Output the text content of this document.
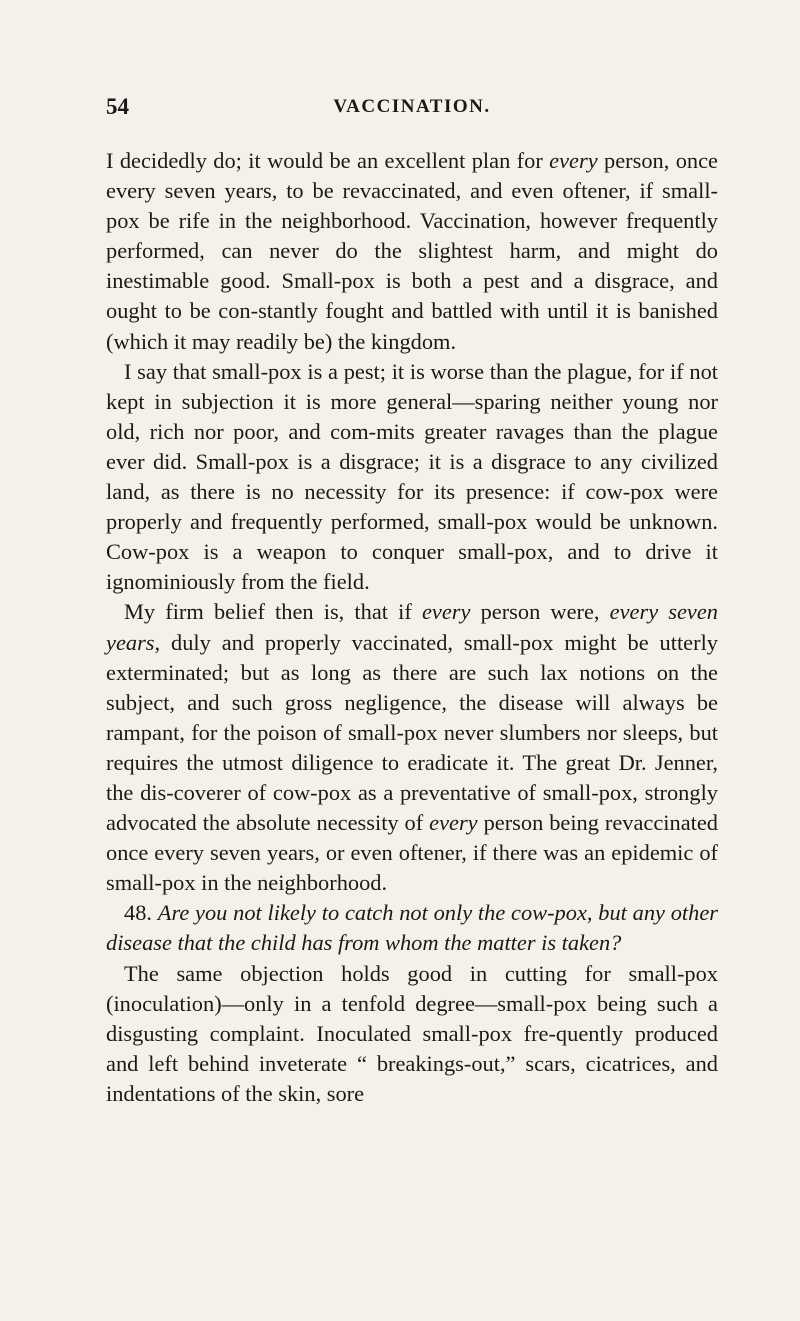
54	VACCINATION.

I decidedly do; it would be an excellent plan for every person, once every seven years, to be revaccinated, and even oftener, if small-pox be rife in the neighborhood. Vaccination, however frequently performed, can never do the slightest harm, and might do inestimable good. Small-pox is both a pest and a disgrace, and ought to be con-stantly fought and battled with until it is banished (which it may readily be) the kingdom.

I say that small-pox is a pest; it is worse than the plague, for if not kept in subjection it is more general—sparing neither young nor old, rich nor poor, and com-mits greater ravages than the plague ever did. Small-pox is a disgrace; it is a disgrace to any civilized land, as there is no necessity for its presence: if cow-pox were properly and frequently performed, small-pox would be unknown. Cow-pox is a weapon to conquer small-pox, and to drive it ignominiously from the field.

My firm belief then is, that if every person were, every seven years, duly and properly vaccinated, small-pox might be utterly exterminated; but as long as there are such lax notions on the subject, and such gross negligence, the disease will always be rampant, for the poison of small-pox never slumbers nor sleeps, but requires the utmost diligence to eradicate it. The great Dr. Jenner, the dis-coverer of cow-pox as a preventative of small-pox, strongly advocated the absolute necessity of every person being revaccinated once every seven years, or even oftener, if there was an epidemic of small-pox in the neighborhood.

48. Are you not likely to catch not only the cow-pox, but any other disease that the child has from whom the matter is taken?

The same objection holds good in cutting for small-pox (inoculation)—only in a tenfold degree—small-pox being such a disgusting complaint. Inoculated small-pox fre-quently produced and left behind inveterate “ breakings-out,” scars, cicatrices, and indentations of the skin, sore
